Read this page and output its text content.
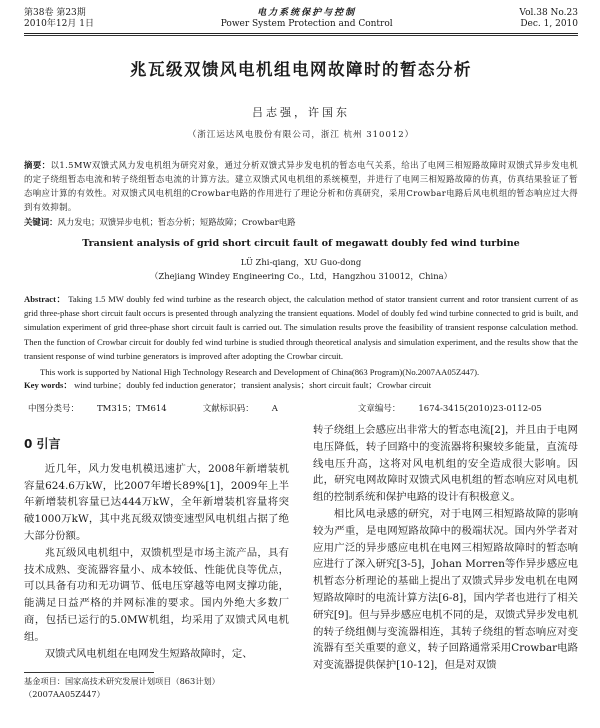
第38卷 第23期
2010年12月 1日
电力系统保护与控制
Power System Protection and Control
Vol.38 No.23
Dec. 1, 2010
兆瓦级双馈风电机组电网故障时的暂态分析
吕志强，许国东
（浙江运达风电股份有限公司，浙江 杭州 310012）
摘要：以1.5MW双馈式风力发电机组为研究对象，通过分析双馈式异步发电机的暂态电气关系，给出了电网三相短路故障时双馈式异步发电机的定子绕组暂态电流和转子绕组暂态电流的计算方法。建立双馈式风电机组的系统模型，并进行了电网三相短路故障的仿真，仿真结果验证了暂态响应计算的有效性。对双馈式风电机组的Crowbar电路的作用进行了理论分析和仿真研究，采用Crowbar电路后风电机组的暂态响应过大得到有效抑制。
关键词：风力发电；双馈异步电机；暂态分析；短路故障；Crowbar电路
Transient analysis of grid short circuit fault of megawatt doubly fed wind turbine
LÜ Zhi-qiang，XU Guo-dong
（Zhejiang Windey Engineering Co.，Ltd，Hangzhou 310012，China）
Abstract： Taking 1.5 MW doubly fed wind turbine as the research object, the calculation method of stator transient current and rotor transient current of as grid three-phase short circuit fault occurs is presented through analyzing the transient equations. Model of doubly fed wind turbine connected to grid is built, and simulation experiment of grid three-phase short circuit fault is carried out. The simulation results prove the feasibility of transient response calculation method. Then the function of Crowbar circuit for doubly fed wind turbine is studied through theoretical analysis and simulation experiment, and the results show that the transient response of wind turbine generators is improved after adopting the Crowbar circuit.
This work is supported by National High Technology Research and Development of China(863 Program)(No.2007AA05Z447).
Key words： wind turbine；doubly fed induction generator；transient analysis；short circuit fault；Crowbar circuit
中图分类号： TM315；TM614	文献标识码： A	文章编号： 1674-3415(2010)23-0112-05
0 引言

近几年，风力发电机模迅速扩大，2008年新增装机容量624.6万kW，比2007年增长89%[1]，2009年上半年新增装机容量已达444万kW，全年新增装机容量将突破1000万kW，其中兆瓦级双馈变速型风电机组占据了绝大部分份额。

兆瓦级风电机组中，双馈机型是市场主流产品，具有技术成熟、变流器容量小、成本较低、性能优良等优点，可以具备有功和无功调节、低电压穿越等电网支撑功能，能满足日益严格的并网标准的要求。国内外绝大多数厂商，包括已运行的5.0MW机组，均采用了双馈式风电机组。

双馈式风电机组在电网发生短路故障时，定、

基金项目：国家高技术研究发展计划项目（863计划）
（2007AA05Z447）

转子绕组上会感应出非常大的暂态电流[2]，并且由于电网电压降低，转子回路中的变流器将积聚较多能量，直流母线电压升高，这将对风电机组的安全造成很大影响。因此，研究电网故障时双馈式风电机组的暂态响应对风电机组的控制系统和保护电路的设计有积极意义。

相比风电录感的研究，对于电网三相短路故障的影响较为严重，是电网短路故障中的极端状况。国内外学者对应用广泛的异步感应电机在电网三相短路故障时的暂态响应进行了深入研究[3-5]，Johan Morren等作异步感应电机暂态分析理论的基础上提出了双馈式异步发电机在电网短路故障时的电流计算方法[6-8]，国内学者也进行了相关研究[9]。但与异步感应电机不同的是，双馈式异步发电机的转子绕组侧与变流器相连，其转子绕组的暂态响应对变流器有至关重要的意义，转子回路通常采用Crowbar电路对变流器提供保护[10-12]，但是对双馈
